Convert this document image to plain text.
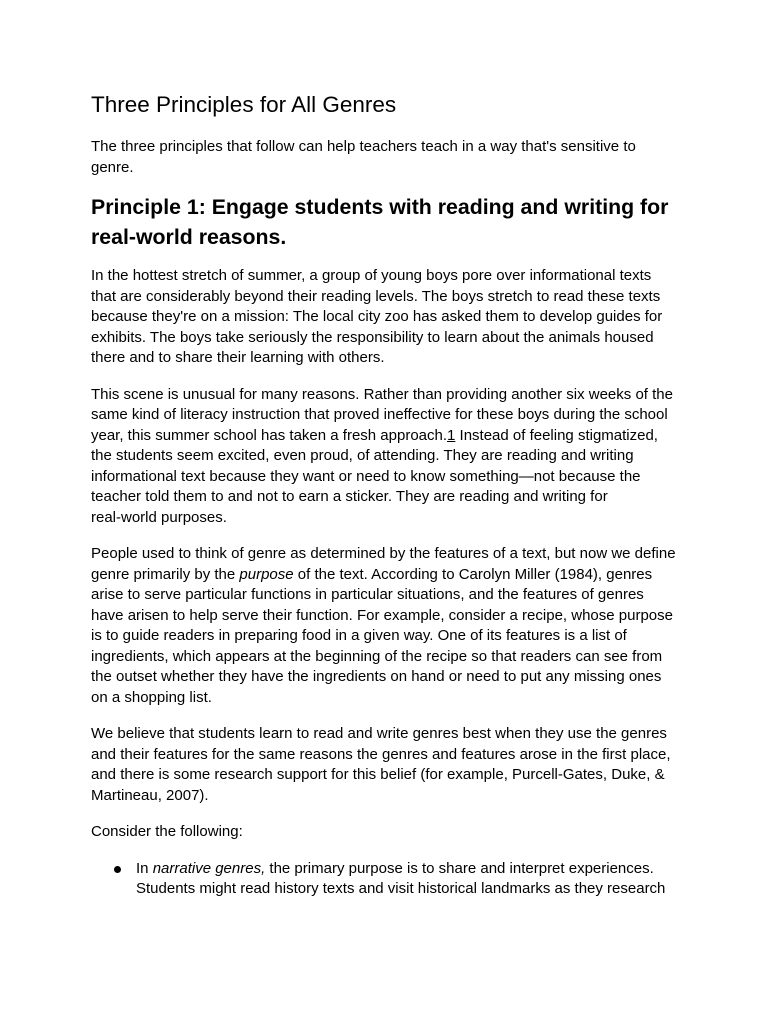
Three Principles for All Genres
The three principles that follow can help teachers teach in a way that's sensitive to
genre.
Principle 1: Engage students with reading and writing for
real-world reasons.
In the hottest stretch of summer, a group of young boys pore over informational texts
that are considerably beyond their reading levels. The boys stretch to read these texts
because they're on a mission: The local city zoo has asked them to develop guides for
exhibits. The boys take seriously the responsibility to learn about the animals housed
there and to share their learning with others.
This scene is unusual for many reasons. Rather than providing another six weeks of the
same kind of literacy instruction that proved ineffective for these boys during the school
year, this summer school has taken a fresh approach.1 Instead of feeling stigmatized,
the students seem excited, even proud, of attending. They are reading and writing
informational text because they want or need to know something—not because the
teacher told them to and not to earn a sticker. They are reading and writing for
real-world purposes.
People used to think of genre as determined by the features of a text, but now we define
genre primarily by the purpose of the text. According to Carolyn Miller (1984), genres
arise to serve particular functions in particular situations, and the features of genres
have arisen to help serve their function. For example, consider a recipe, whose purpose
is to guide readers in preparing food in a given way. One of its features is a list of
ingredients, which appears at the beginning of the recipe so that readers can see from
the outset whether they have the ingredients on hand or need to put any missing ones
on a shopping list.
We believe that students learn to read and write genres best when they use the genres
and their features for the same reasons the genres and features arose in the first place,
and there is some research support for this belief (for example, Purcell-Gates, Duke, &
Martineau, 2007).
Consider the following:
In narrative genres, the primary purpose is to share and interpret experiences.
Students might read history texts and visit historical landmarks as they research
